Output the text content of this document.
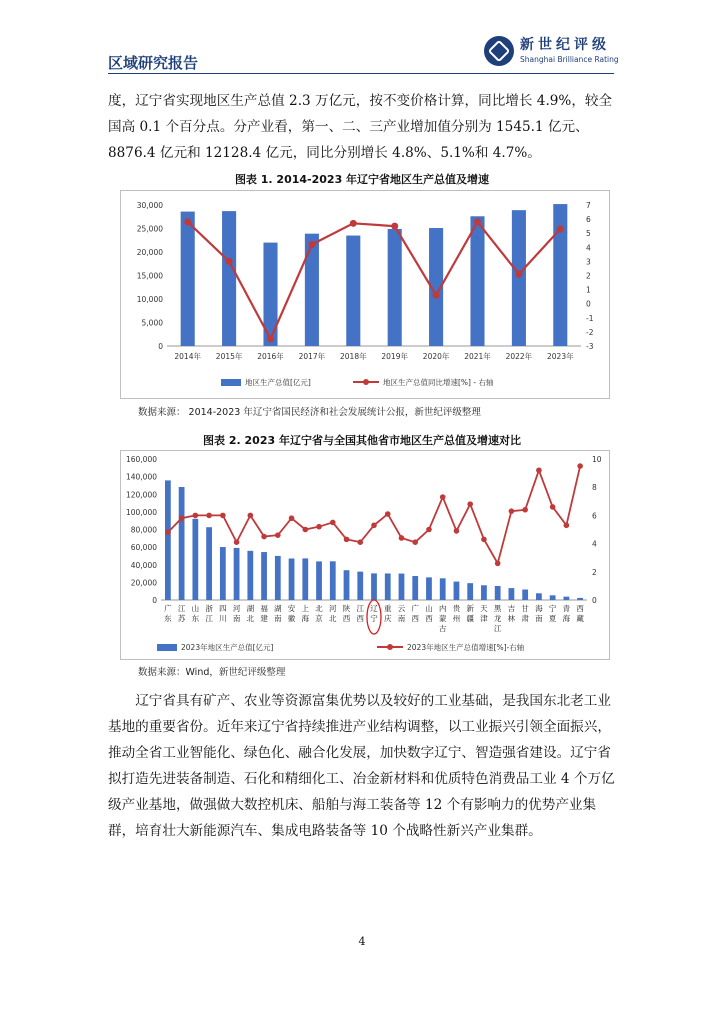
区域研究报告
新世纪评级
Shanghai Brilliance Rating

度，辽宁省实现地区生产总值 2.3 万亿元，按不变价格计算，同比增长 4.9%，较全国高 0.1 个百分点。分产业看，第一、二、三产业增加值分别为 1545.1 亿元、8876.4 亿元和 12128.4 亿元，同比分别增长 4.8%、5.1%和 4.7%。

图表 1. 2014-2023 年辽宁省地区生产总值及增速
0
5,000
10,000
15,000
20,000
25,000
30,000
-3
-2
-1
0
1
2
3
4
5
6
7
2014年 2015年 2016年 2017年 2018年 2019年 2020年 2021年 2022年 2023年
地区生产总值[亿元]	地区生产总值同比增速[%] - 右轴
数据来源： 2014-2023 年辽宁省国民经济和社会发展统计公报，新世纪评级整理
图表 2. 2023 年辽宁省与全国其他省市地区生产总值及增速对比
0
20,000
40,000
60,000
80,000
100,000
120,000
140,000
160,000
0
2
4
6
8
10
广
东
江
苏
山
东
浙
江
四
川
河
南
湖
北
福
建
湖
南
安
徽
上
海
北
京
河
北
陕
西
江
西
辽
宁
重
庆
云
南
广
西
山
西
内
蒙
古
贵
州
新
疆
天
津
黑
龙
江
吉
林
甘
肃
海
南
宁
夏
青
海
西
藏
2023年地区生产总值[亿元]	2023年地区生产总值增速[%]-右轴
数据来源：Wind，新世纪评级整理

辽宁省具有矿产、农业等资源富集优势以及较好的工业基础，是我国东北老工业基地的重要省份。近年来辽宁省持续推进产业结构调整，以工业振兴引领全面振兴，推动全省工业智能化、绿色化、融合化发展，加快数字辽宁、智造强省建设。辽宁省拟打造先进装备制造、石化和精细化工、冶金新材料和优质特色消费品工业 4 个万亿级产业基地，做强做大数控机床、船舶与海工装备等 12 个有影响力的优势产业集群，培育壮大新能源汽车、集成电路装备等 10 个战略性新兴产业集群。

4
